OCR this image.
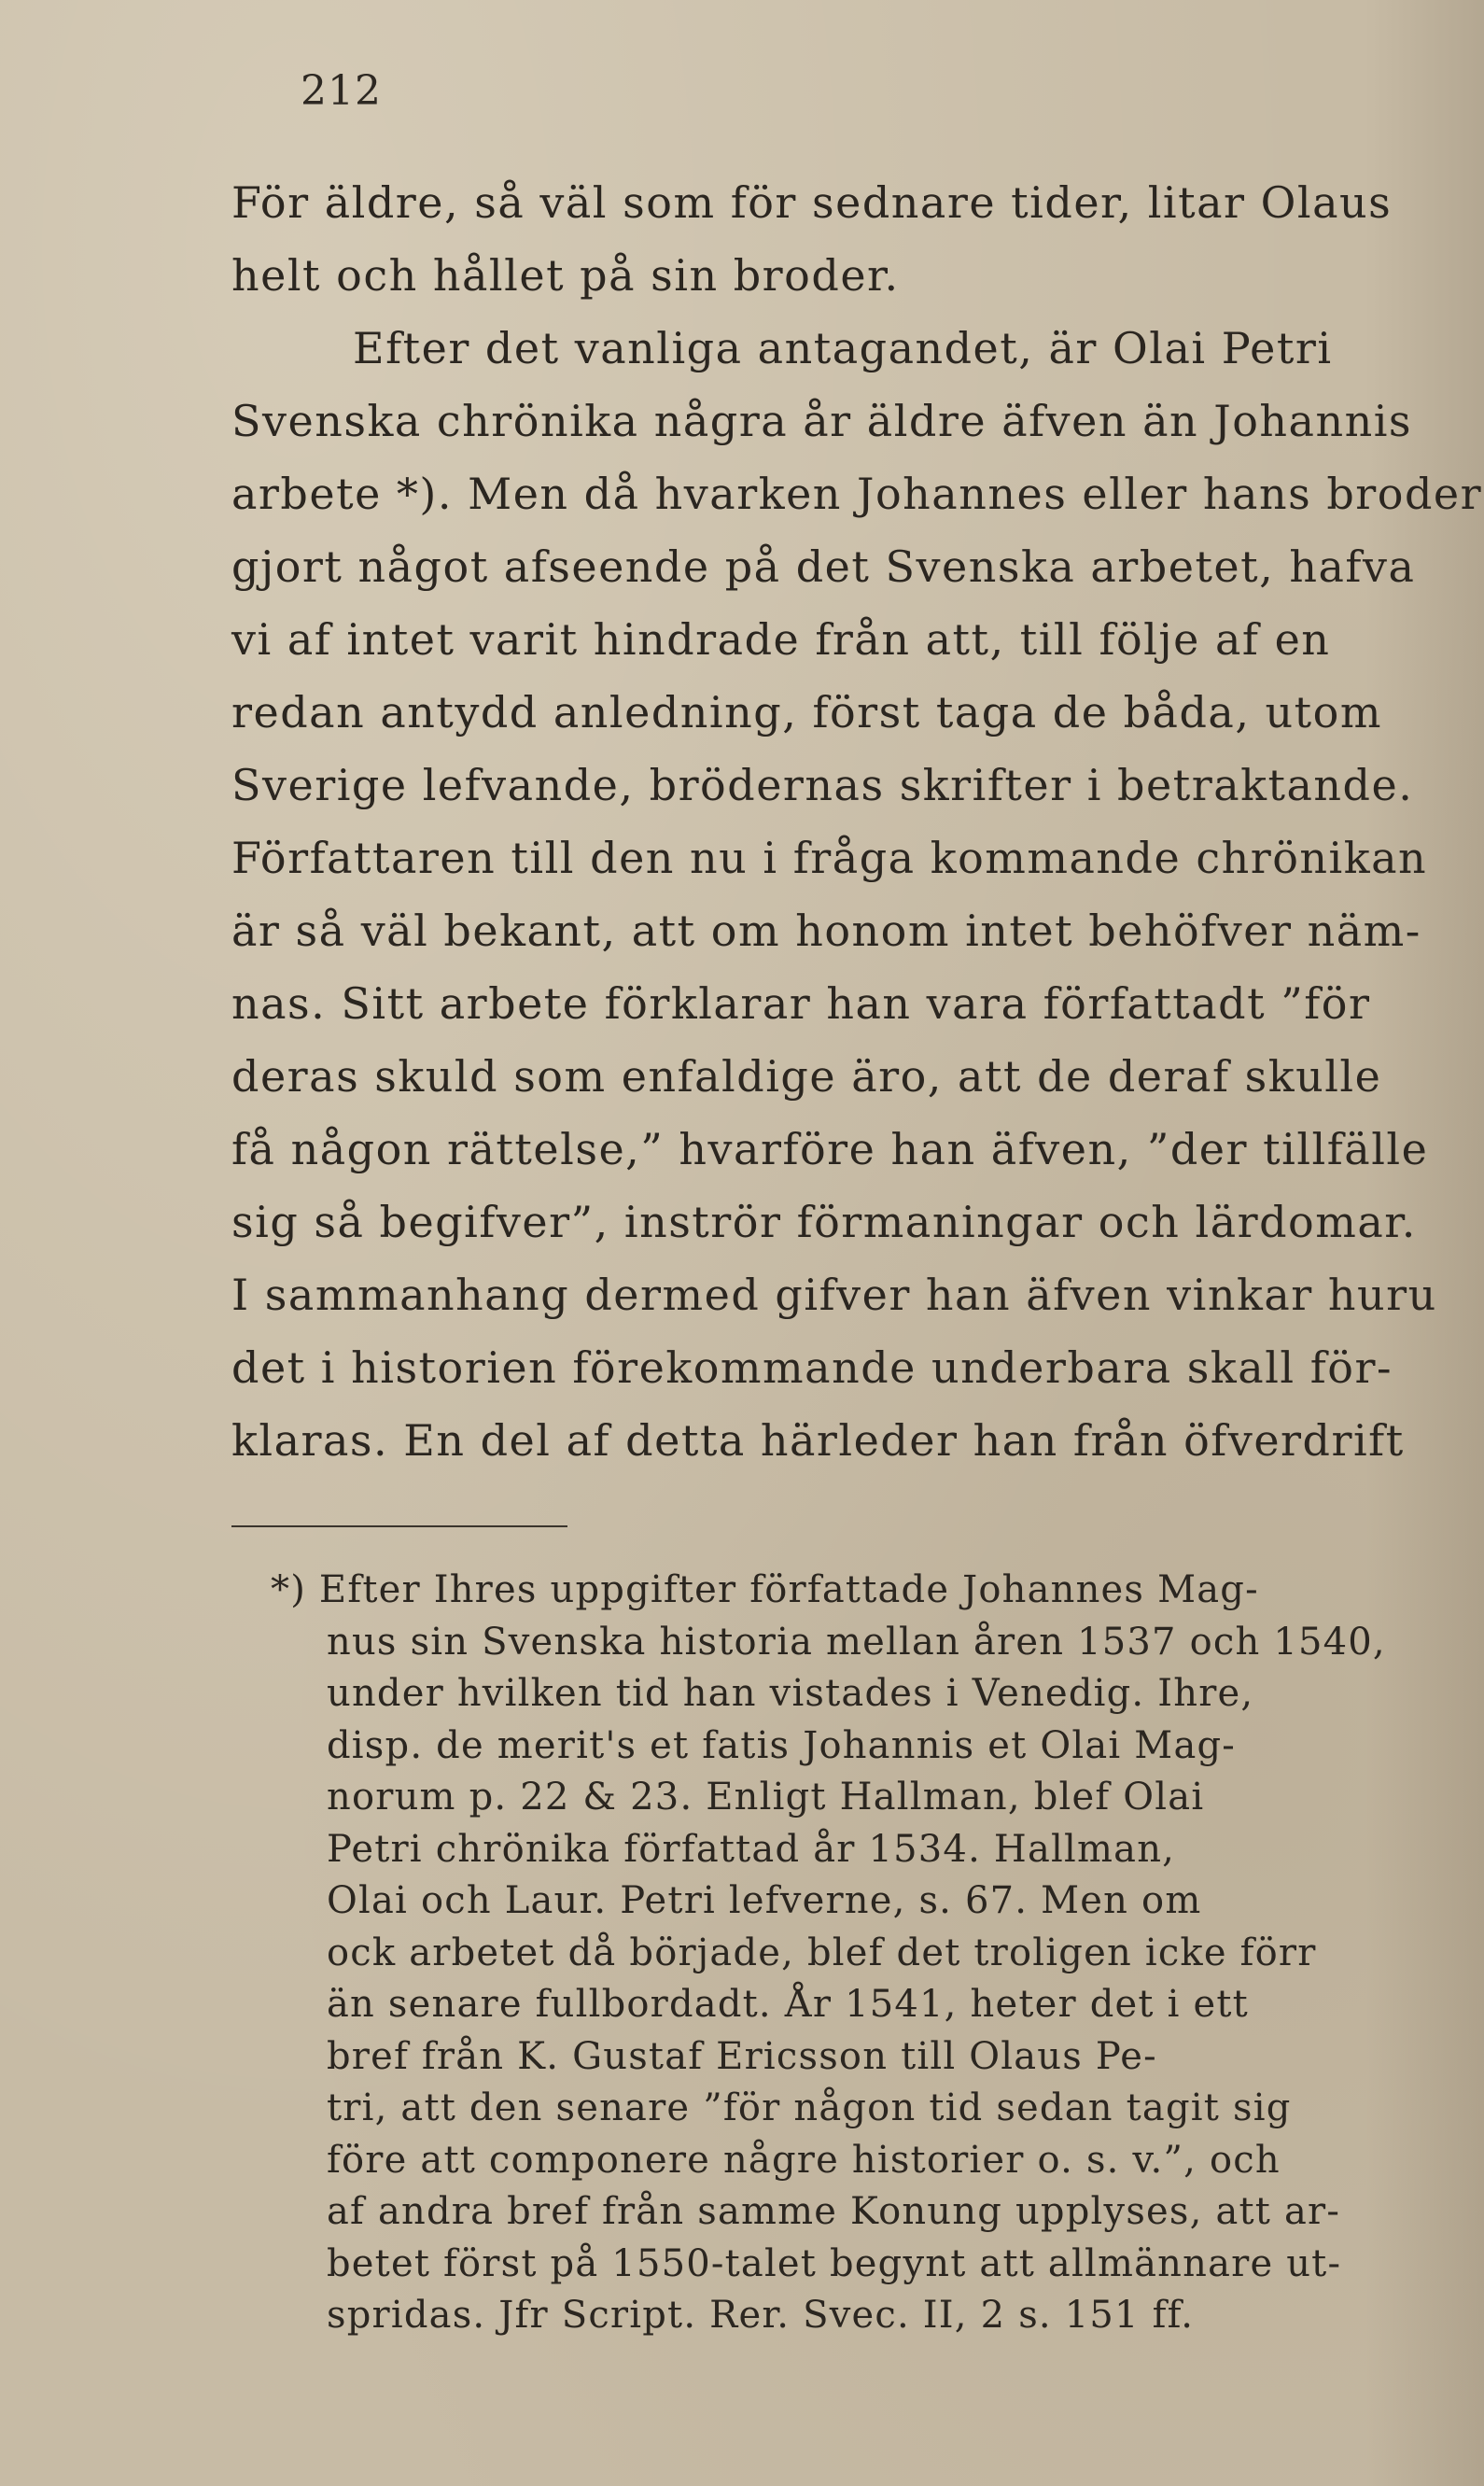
212
För äldre, så väl som för sednare tider, litar Olaus
helt och hållet på sin broder.
Efter det vanliga antagandet, är Olai Petri
Svenska chrönika några år äldre äfven än Johannis
arbete *). Men då hvarken Johannes eller hans broder
gjort något afseende på det Svenska arbetet, hafva
vi af intet varit hindrade från att, till följe af en
redan antydd anledning, först taga de båda, utom
Sverige lefvande, brödernas skrifter i betraktande.
Författaren till den nu i fråga kommande chrönikan
är så väl bekant, att om honom intet behöfver näm-
nas. Sitt arbete förklarar han vara författadt ”för
deras skuld som enfaldige äro, att de deraf skulle
få någon rättelse,” hvarföre han äfven, ”der tillfälle
sig så begifver”, inströr förmaningar och lärdomar.
I sammanhang dermed gifver han äfven vinkar huru
det i historien förekommande underbara skall för-
klaras. En del af detta härleder han från öfverdrift
*) Efter Ihres uppgifter författade Johannes Mag-
nus sin Svenska historia mellan åren 1537 och 1540,
under hvilken tid han vistades i Venedig. Ihre,
disp. de merit's et fatis Johannis et Olai Mag-
norum p. 22 & 23. Enligt Hallman, blef Olai
Petri chrönika författad år 1534. Hallman,
Olai och Laur. Petri lefverne, s. 67. Men om
ock arbetet då började, blef det troligen icke förr
än senare fullbordadt. År 1541, heter det i ett
bref från K. Gustaf Ericsson till Olaus Pe-
tri, att den senare ”för någon tid sedan tagit sig
före att componere någre historier o. s. v.”, och
af andra bref från samme Konung upplyses, att ar-
betet först på 1550-talet begynt att allmännare ut-
spridas. Jfr Script. Rer. Svec. II, 2 s. 151 ff.
